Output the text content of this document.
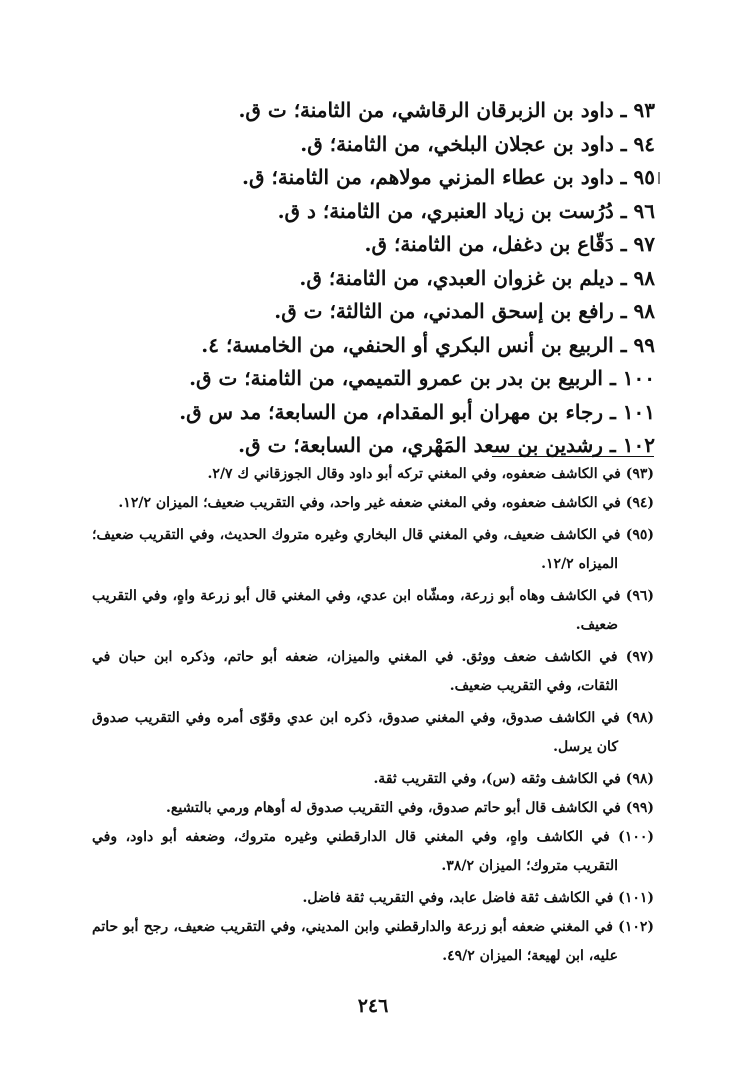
٩٣ ـ داود بن الزبرقان الرقاشي، من الثامنة؛ ت ق.
٩٤ ـ داود بن عجلان البلخي، من الثامنة؛ ق.
٩٥ ـ داود بن عطاء المزني مولاهم، من الثامنة؛ ق.
٩٦ ـ دُرُست بن زياد العنبري، من الثامنة؛ د ق.
٩٧ ـ دَقّاع بن دغفل، من الثامنة؛ ق.
٩٨ ـ ديلم بن غزوان العبدي، من الثامنة؛ ق.
٩٨ ـ رافع بن إسحق المدني، من الثالثة؛ ت ق.
٩٩ ـ الربيع بن أنس البكري أو الحنفي، من الخامسة؛ ٤.
١٠٠ ـ الربيع بن بدر بن عمرو التميمي، من الثامنة؛ ت ق.
١٠١ ـ رجاء بن مهران أبو المقدام، من السابعة؛ مد س ق.
١٠٢ ـ رشدين بن سعد المَهْري، من السابعة؛ ت ق.
(٩٣) في الكاشف ضعفوه، وفي المغني تركه أبو داود وقال الجوزقاني ك ٢/٧.
(٩٤) في الكاشف ضعفوه، وفي المغني ضعفه غير واحد، وفي التقريب ضعيف؛ الميزان ١٢/٢.
(٩٥) في الكاشف ضعيف، وفي المغني قال البخاري وغيره متروك الحديث، وفي التقريب ضعيف؛ الميزاه ١٢/٢.
(٩٦) في الكاشف وهاه أبو زرعة، ومشّاه ابن عدي، وفي المغني قال أبو زرعة واهٍ، وفي التقريب ضعيف.
(٩٧) في الكاشف ضعف ووثق. في المغني والميزان، ضعفه أبو حاتم، وذكره ابن حبان في الثقات، وفي التقريب ضعيف.
(٩٨) في الكاشف صدوق، وفي المغني صدوق، ذكره ابن عدي وقوّى أمره وفي التقريب صدوق كان يرسل.
(٩٨) في الكاشف وثقه (س)، وفي التقريب ثقة.
(٩٩) في الكاشف قال أبو حاتم صدوق، وفي التقريب صدوق له أوهام ورمي بالتشيع.
(١٠٠) في الكاشف واهٍ، وفي المغني قال الدارقطني وغيره متروك، وضعفه أبو داود، وفي التقريب متروك؛ الميزان ٣٨/٢.
(١٠١) في الكاشف ثقة فاضل عابد، وفي التقريب ثقة فاضل.
(١٠٢) في المغني ضعفه أبو زرعة والدارقطني وابن المديني، وفي التقريب ضعيف، رجح أبو حاتم عليه، ابن لهيعة؛ الميزان ٤٩/٢.
٢٤٦
